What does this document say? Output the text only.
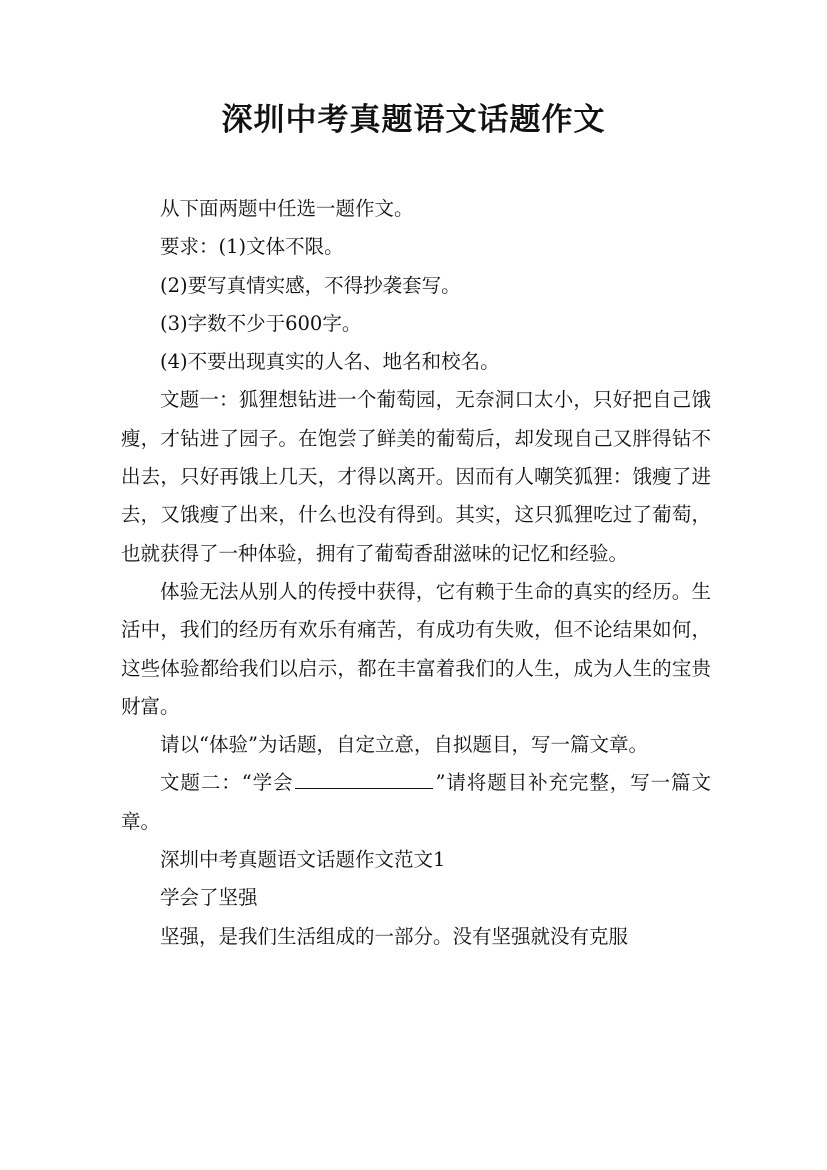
深圳中考真题语文话题作文

从下面两题中任选一题作文。

要求：(1)文体不限。

(2)要写真情实感，不得抄袭套写。

(3)字数不少于600字。

(4)不要出现真实的人名、地名和校名。

文题一：狐狸想钻进一个葡萄园，无奈洞口太小，只好把自己饿瘦，才钻进了园子。在饱尝了鲜美的葡萄后，却发现自己又胖得钻不出去，只好再饿上几天，才得以离开。因而有人嘲笑狐狸：饿瘦了进去，又饿瘦了出来，什么也没有得到。其实，这只狐狸吃过了葡萄，也就获得了一种体验，拥有了葡萄香甜滋味的记忆和经验。

体验无法从别人的传授中获得，它有赖于生命的真实的经历。生活中，我们的经历有欢乐有痛苦，有成功有失败，但不论结果如何，这些体验都给我们以启示，都在丰富着我们的人生，成为人生的宝贵财富。

请以“体验”为话题，自定立意，自拟题目，写一篇文章。

文题二：“学会	”请将题目补充完整，写一篇文章。

深圳中考真题语文话题作文范文1

学会了坚强

坚强，是我们生活组成的一部分。没有坚强就没有克服
